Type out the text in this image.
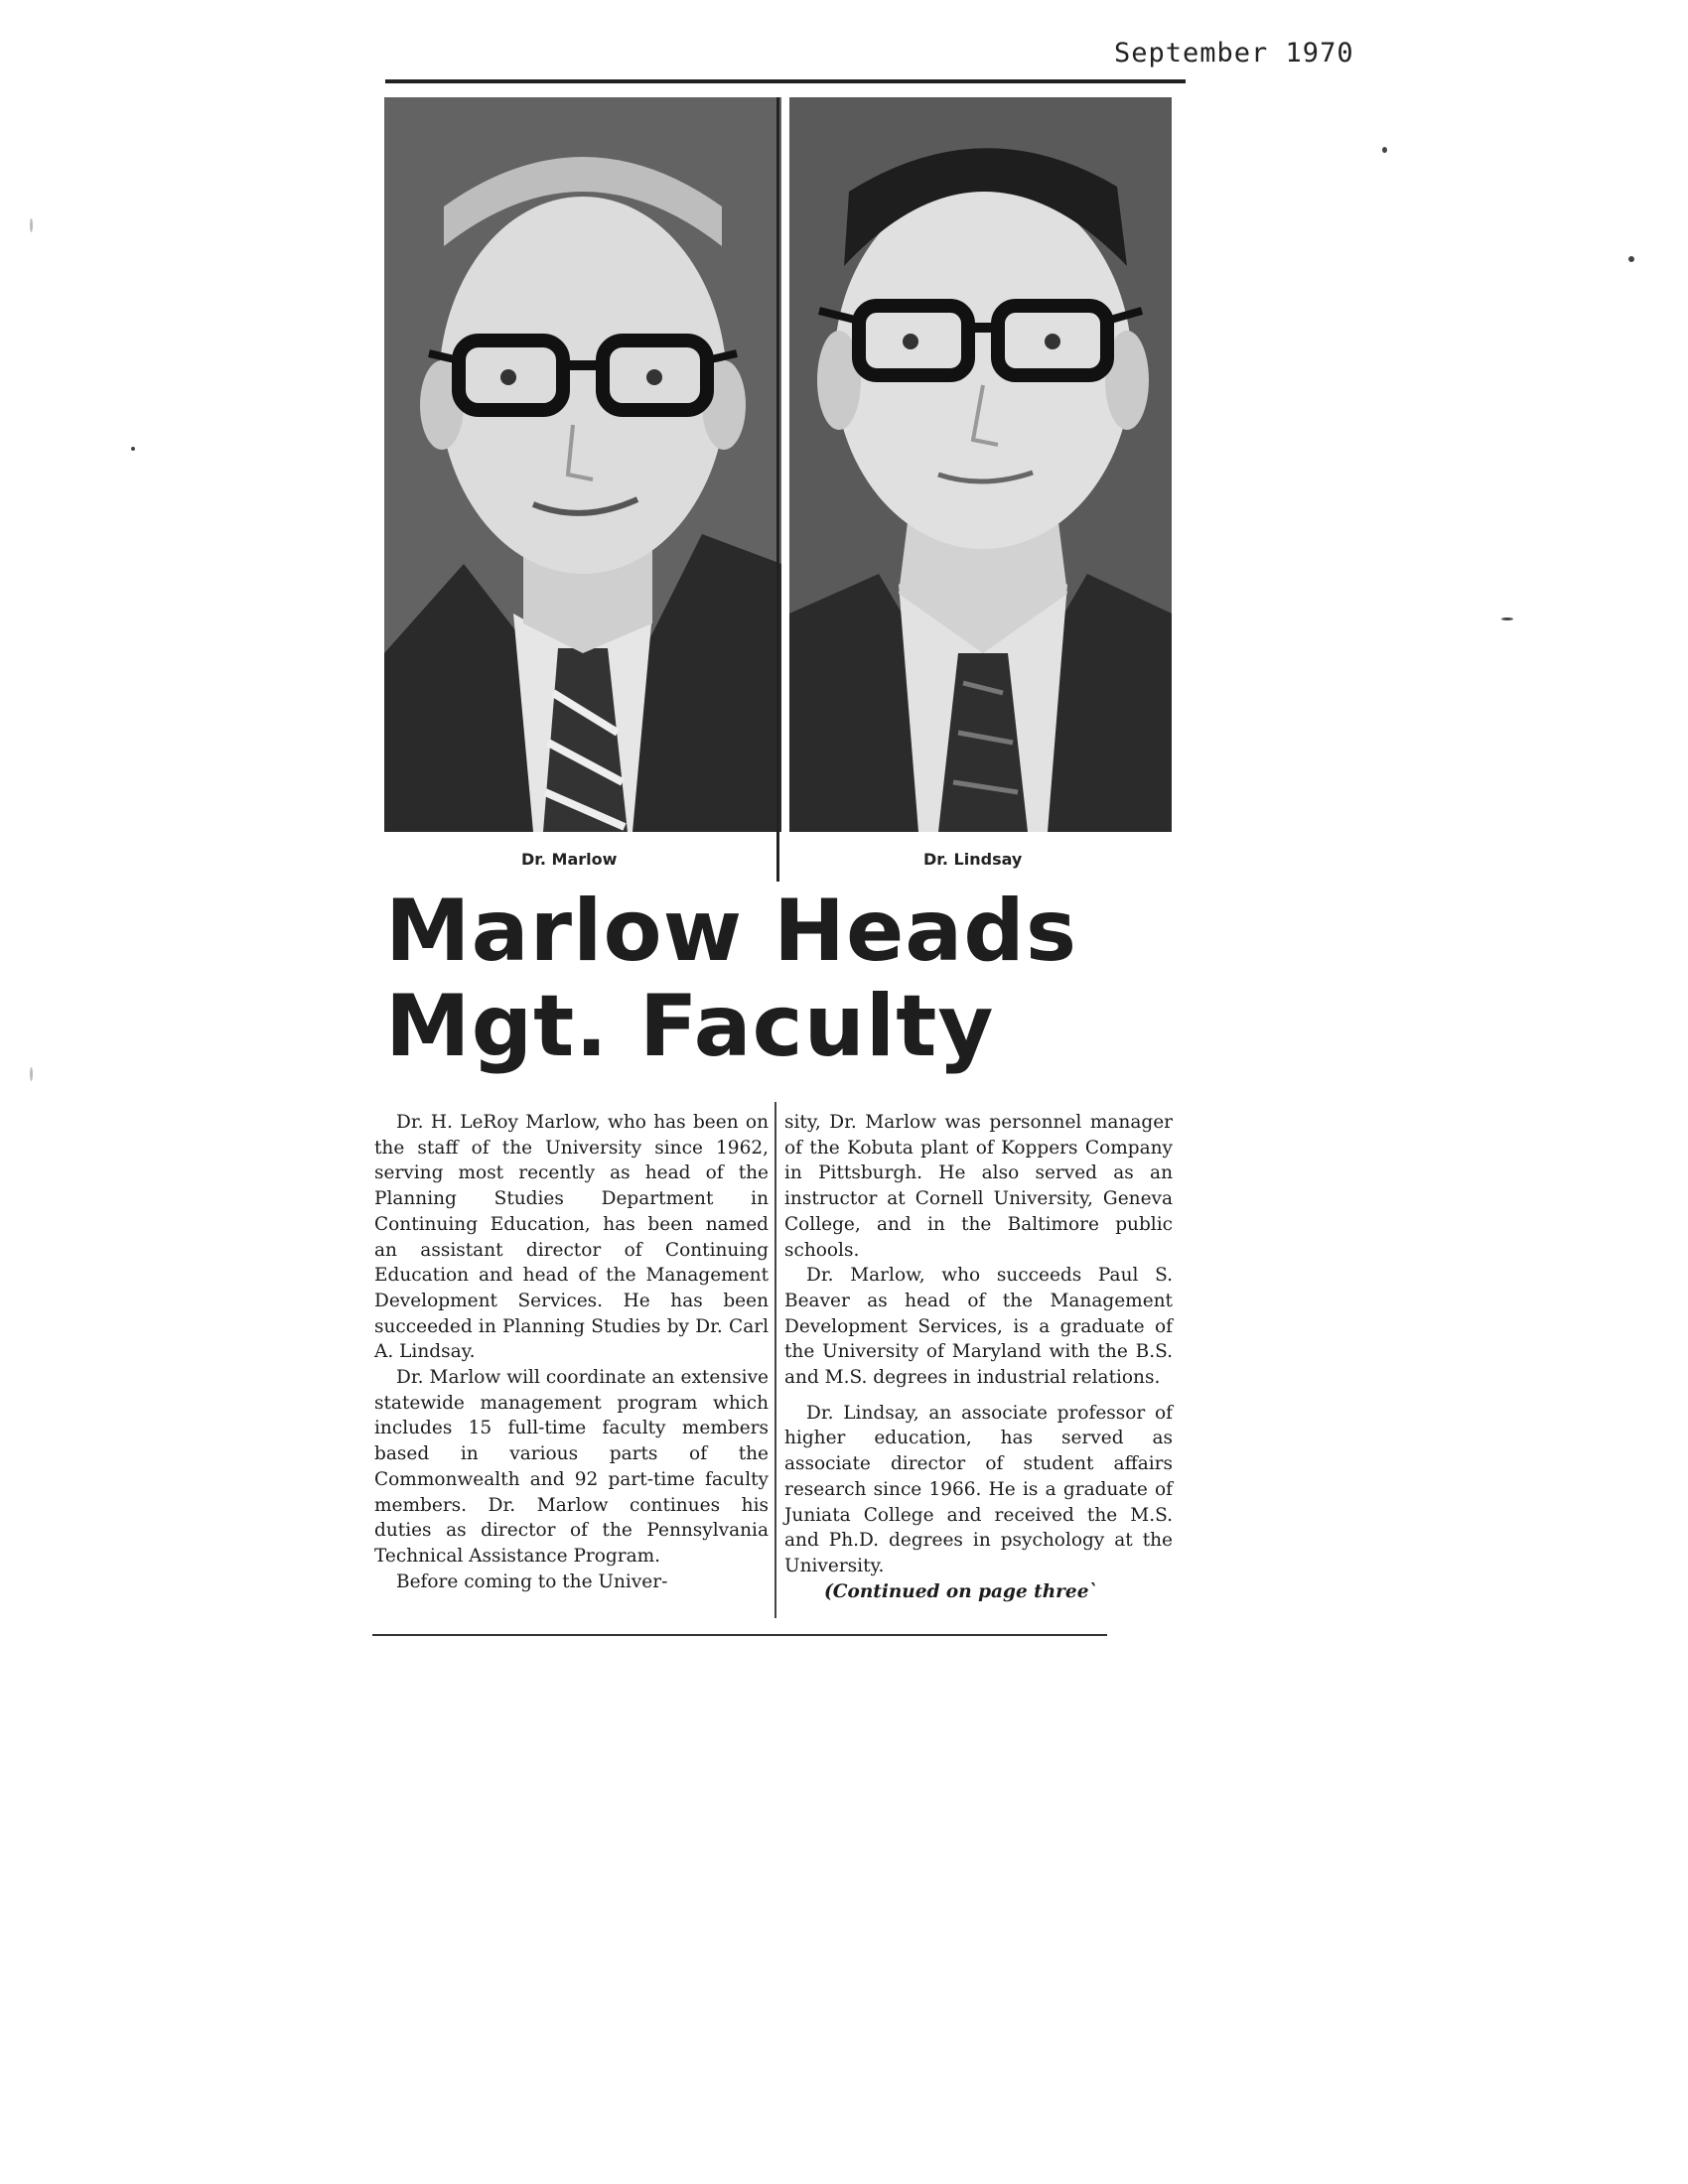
September 1970
Dr. Marlow	Dr. Lindsay
Marlow Heads
Mgt. Faculty

Dr. H. LeRoy Marlow, who has been on the staff of the University since 1962, serving most recently as head of the Planning Studies Department in Continuing Education, has been named an assistant director of Continuing Education and head of the Management Development Services. He has been succeeded in Planning Studies by Dr. Carl A. Lindsay.

Dr. Marlow will coordinate an extensive statewide management program which includes 15 full-time faculty members based in various parts of the Commonwealth and 92 part-time faculty members. Dr. Marlow continues his duties as director of the Pennsylvania Technical Assistance Program.

Before coming to the Univer-

sity, Dr. Marlow was personnel manager of the Kobuta plant of Koppers Company in Pittsburgh. He also served as an instructor at Cornell University, Geneva College, and in the Baltimore public schools.

Dr. Marlow, who succeeds Paul S. Beaver as head of the Management Development Services, is a graduate of the University of Maryland with the B.S. and M.S. degrees in industrial relations.

Dr. Lindsay, an associate professor of higher education, has served as associate director of student affairs research since 1966. He is a graduate of Juniata College and received the M.S. and Ph.D. degrees in psychology at the University.

(Continued on page three`
